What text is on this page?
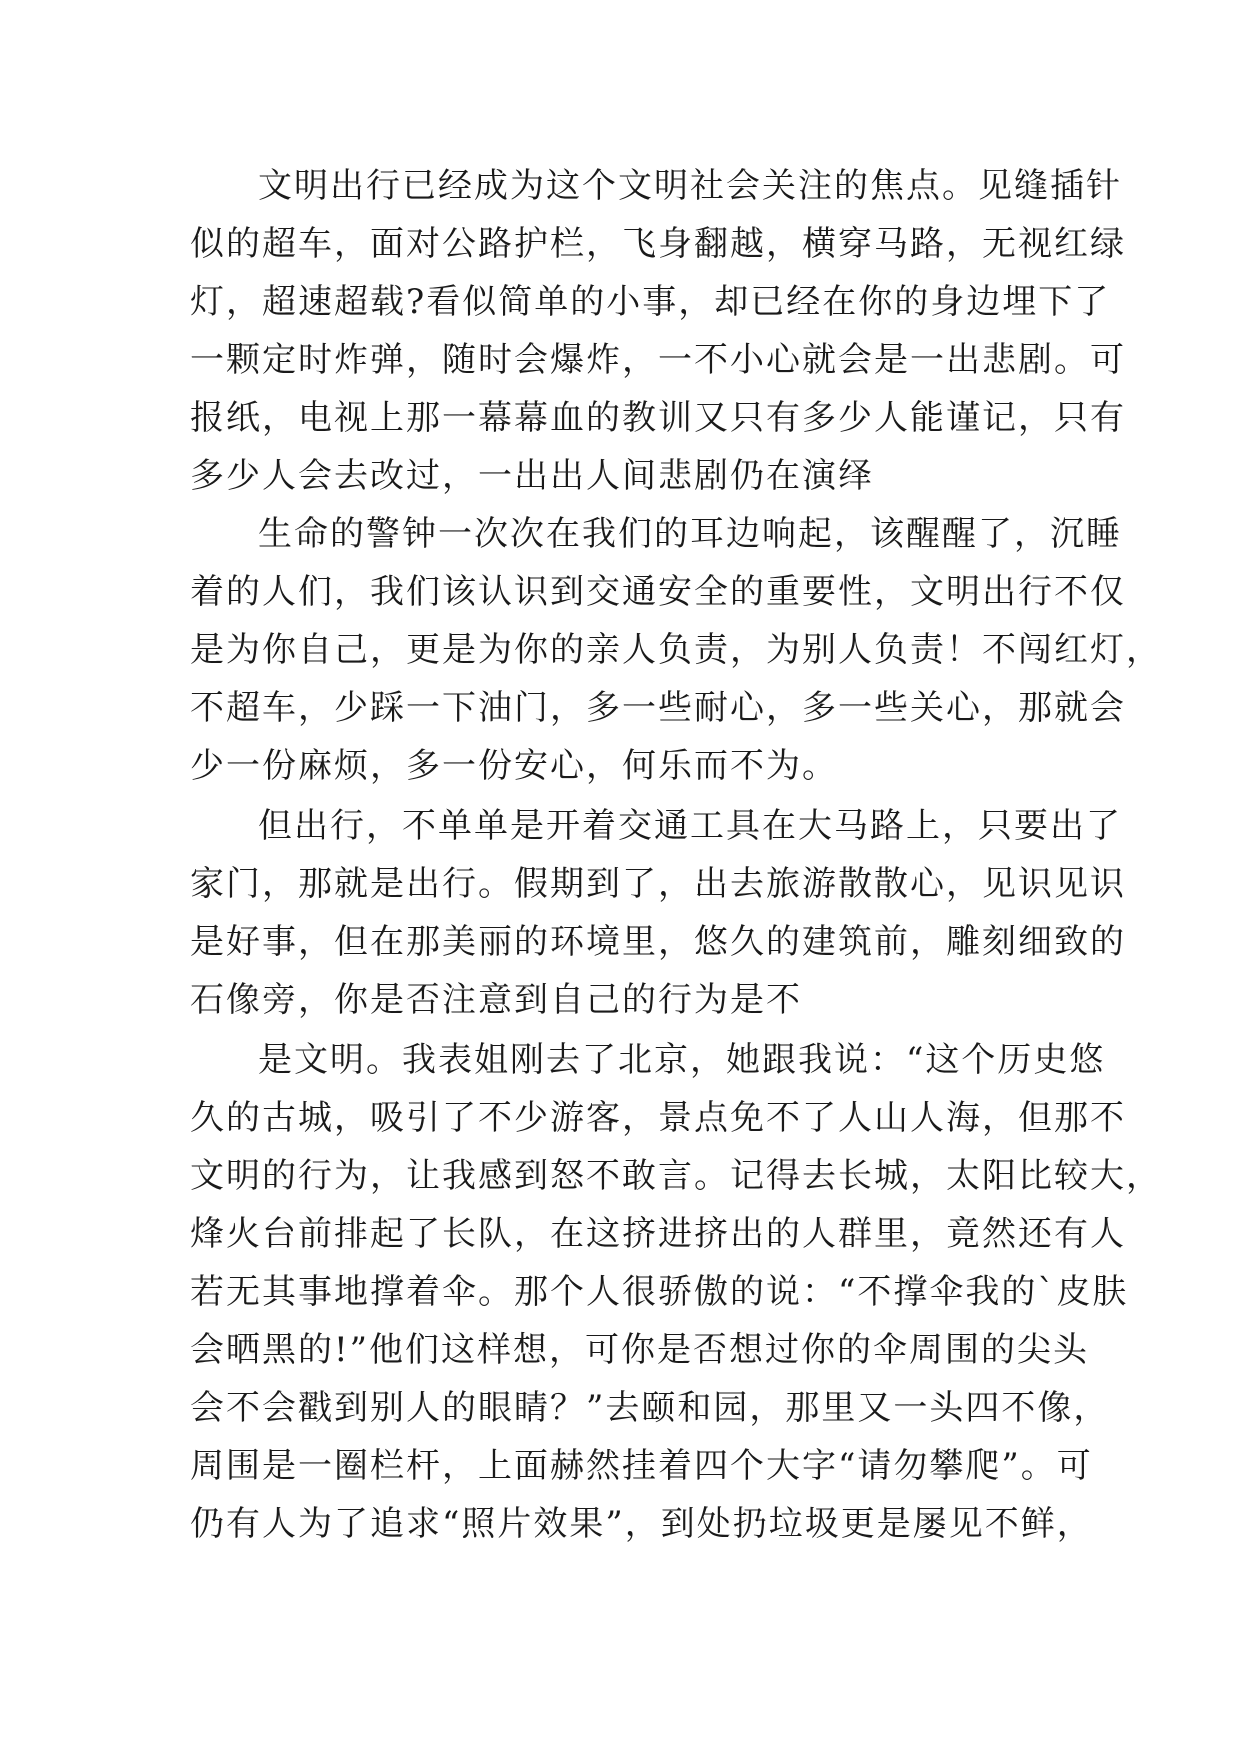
文明出行已经成为这个文明社会关注的焦点。见缝插针
似的超车，面对公路护栏，飞身翻越，横穿马路，无视红绿
灯，超速超载?看似简单的小事，却已经在你的身边埋下了
一颗定时炸弹，随时会爆炸，一不小心就会是一出悲剧。可
报纸，电视上那一幕幕血的教训又只有多少人能谨记，只有
多少人会去改过，一出出人间悲剧仍在演绎
生命的警钟一次次在我们的耳边响起，该醒醒了，沉睡
着的人们，我们该认识到交通安全的重要性，文明出行不仅
是为你自己，更是为你的亲人负责，为别人负责！不闯红灯，
不超车，少踩一下油门，多一些耐心，多一些关心，那就会
少一份麻烦，多一份安心，何乐而不为。
但出行，不单单是开着交通工具在大马路上，只要出了
家门，那就是出行。假期到了，出去旅游散散心，见识见识
是好事，但在那美丽的环境里，悠久的建筑前，雕刻细致的
石像旁，你是否注意到自己的行为是不
是文明。我表姐刚去了北京，她跟我说：“这个历史悠
久的古城，吸引了不少游客，景点免不了人山人海，但那不
文明的行为，让我感到怒不敢言。记得去长城，太阳比较大，
烽火台前排起了长队，在这挤进挤出的人群里，竟然还有人
若无其事地撑着伞。那个人很骄傲的说：“不撑伞我的`皮肤
会晒黑的!”他们这样想，可你是否想过你的伞周围的尖头
会不会戳到别人的眼睛？”去颐和园，那里又一头四不像，
周围是一圈栏杆，上面赫然挂着四个大字“请勿攀爬”。可
仍有人为了追求“照片效果”，到处扔垃圾更是屡见不鲜，
